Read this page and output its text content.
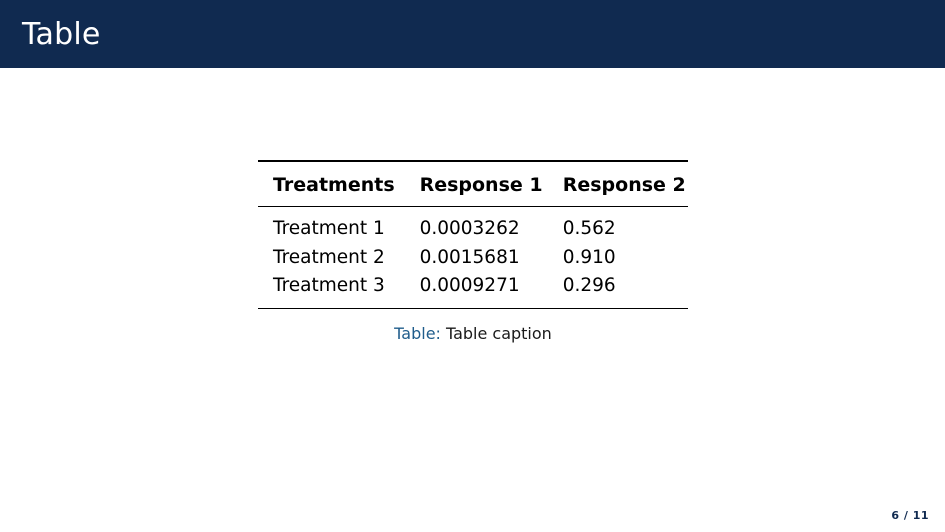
Table

Treatments	Response 1	Response 2

Treatment 1	0.0003262	0.562
Treatment 2	0.0015681	0.910
Treatment 3	0.0009271	0.296

Table: Table caption
6 / 11
